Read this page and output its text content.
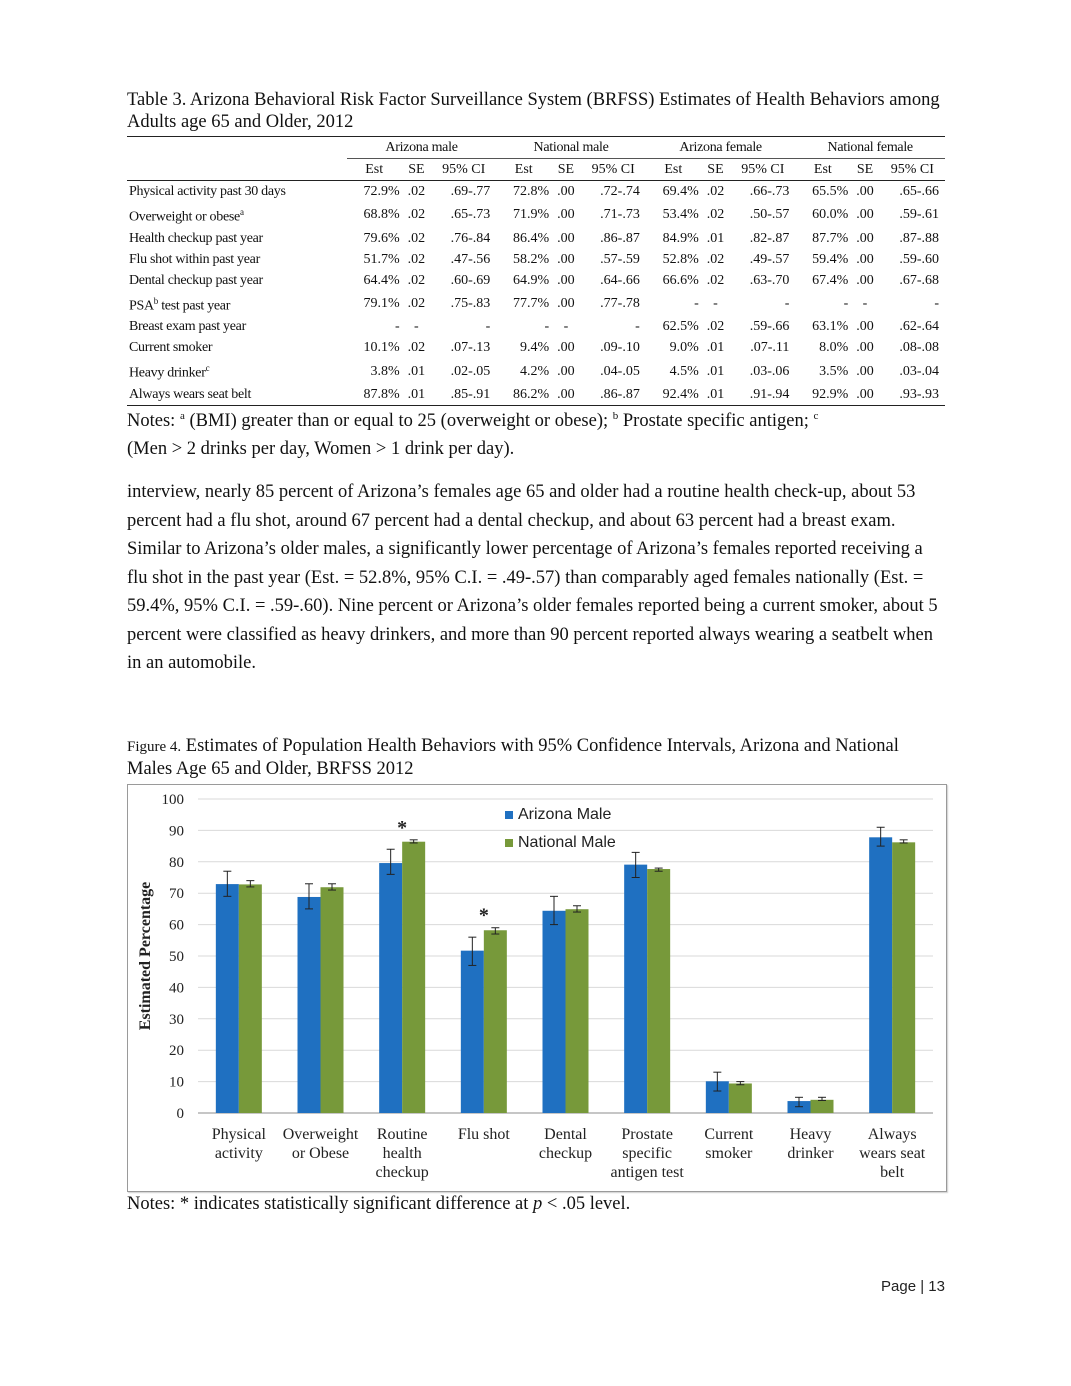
Table 3. Arizona Behavioral Risk Factor Surveillance System (BRFSS) Estimates of Health Behaviors among Adults age 65 and Older, 2012
	Arizona male			National male			Arizona female			National female		
	Est	SE	95% CI	Est	SE	95% CI	Est	SE	95% CI	Est	SE	95% CI
Physical activity past 30 days	72.9%	.02	.69-.77	72.8%	.00	.72-.74	69.4%	.02	.66-.73	65.5%	.00	.65-.66
Overweight or obese$^a$	68.8%	.02	.65-.73	71.9%	.00	.71-.73	53.4%	.02	.50-.57	60.0%	.00	.59-.61
Health checkup past year	79.6%	.02	.76-.84	86.4%	.00	.86-.87	84.9%	.01	.82-.87	87.7%	.00	.87-.88
Flu shot within past year	51.7%	.02	.47-.56	58.2%	.00	.57-.59	52.8%	.02	.49-.57	59.4%	.00	.59-.60
Dental checkup past year	64.4%	.02	.60-.69	64.9%	.00	.64-.66	66.6%	.02	.63-.70	67.4%	.00	.67-.68
PSA$^b$ test past year	79.1%	.02	.75-.83	77.7%	.00	.77-.78	-	-	-	-	-	-
Breast exam past year	-	-	-	-	-	-	62.5%	.02	.59-.66	63.1%	.00	.62-.64
Current smoker	10.1%	.02	.07-.13	9.4%	.00	.09-.10	9.0%	.01	.07-.11	8.0%	.00	.08-.08
Heavy drinker$^c$	3.8%	.01	.02-.05	4.2%	.00	.04-.05	4.5%	.01	.03-.06	3.5%	.00	.03-.04
Always wears seat belt	87.8%	.01	.85-.91	86.2%	.00	.86-.87	92.4%	.01	.91-.94	92.9%	.00	.93-.93
Notes: $^a$ (BMI) greater than or equal to 25 (overweight or obese); $^b$ Prostate specific antigen; $^c$
(Men > 2 drinks per day, Women > 1 drink per day).

interview, nearly 85 percent of Arizona’s females age 65 and older had a routine health check-up, about 53 percent had a flu shot, around 67 percent had a dental checkup, and about 63 percent had a breast exam. Similar to Arizona’s older males, a significantly lower percentage of Arizona’s females reported receiving a flu shot in the past year (Est. = 52.8%, 95% C.I. = .49-.57) than comparably aged females nationally (Est. = 59.4%, 95% C.I. = .59-.60). Nine percent or Arizona’s older females reported being a current smoker, about 5 percent were classified as heavy drinkers, and more than 90 percent reported always wearing a seatbelt when in an automobile.

Figure 4. Estimates of Population Health Behaviors with 95% Confidence Intervals, Arizona and National Males Age 65 and Older, BRFSS 2012
0
10
20
30
40
50
60
70
80
90
100
Estimated Percentage
*
*
Physical
activity
Overweight
or Obese
Routine
health
checkup
Flu shot Dental
checkup
Prostate
specific
antigen test
Current
smoker
Heavy
drinker
Always
wears seat
belt
Arizona Male
National Male
Notes: * indicates statistically significant difference at p < .05 level.
Page | 13
